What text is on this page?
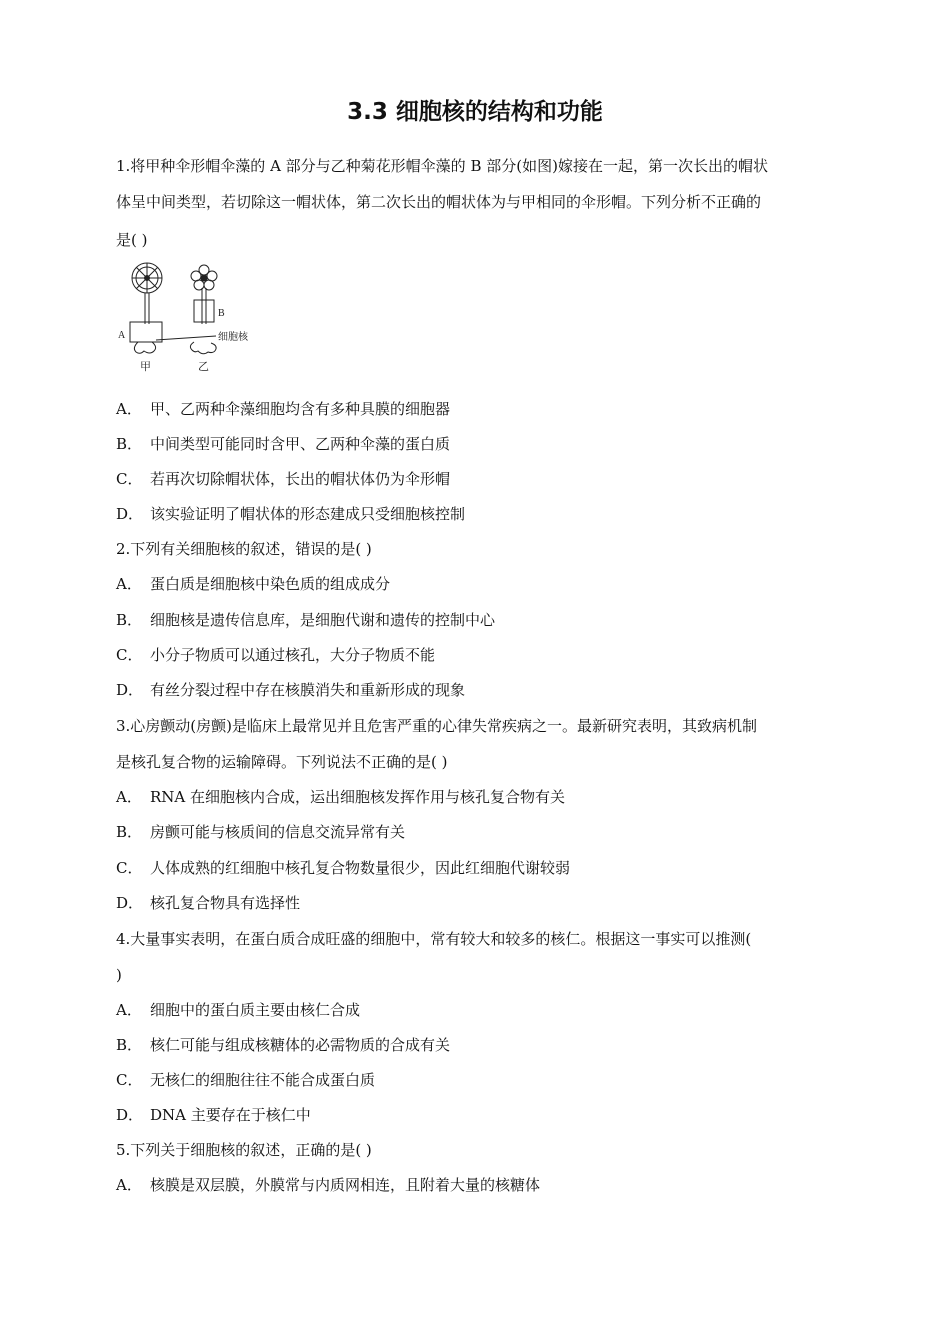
3.3 细胞核的结构和功能
1.将甲种伞形帽伞藻的 A 部分与乙种菊花形帽伞藻的 B 部分(如图)嫁接在一起，第一次长出的帽状
体呈中间类型，若切除这一帽状体，第二次长出的帽状体为与甲相同的伞形帽。下列分析不正确的
是( )
A
甲
B
乙
细胞核
A． 甲、乙两种伞藻细胞均含有多种具膜的细胞器
B． 中间类型可能同时含甲、乙两种伞藻的蛋白质
C． 若再次切除帽状体，长出的帽状体仍为伞形帽
D． 该实验证明了帽状体的形态建成只受细胞核控制
2.下列有关细胞核的叙述，错误的是( )
A． 蛋白质是细胞核中染色质的组成成分
B． 细胞核是遗传信息库，是细胞代谢和遗传的控制中心
C． 小分子物质可以通过核孔，大分子物质不能
D． 有丝分裂过程中存在核膜消失和重新形成的现象
3.心房颤动(房颤)是临床上最常见并且危害严重的心律失常疾病之一。最新研究表明，其致病机制
是核孔复合物的运输障碍。下列说法不正确的是( )
A． RNA 在细胞核内合成，运出细胞核发挥作用与核孔复合物有关
B． 房颤可能与核质间的信息交流异常有关
C． 人体成熟的红细胞中核孔复合物数量很少，因此红细胞代谢较弱
D． 核孔复合物具有选择性
4.大量事实表明，在蛋白质合成旺盛的细胞中，常有较大和较多的核仁。根据这一事实可以推测(
)
A． 细胞中的蛋白质主要由核仁合成
B． 核仁可能与组成核糖体的必需物质的合成有关
C． 无核仁的细胞往往不能合成蛋白质
D． DNA 主要存在于核仁中
5.下列关于细胞核的叙述，正确的是( )
A． 核膜是双层膜，外膜常与内质网相连，且附着大量的核糖体
